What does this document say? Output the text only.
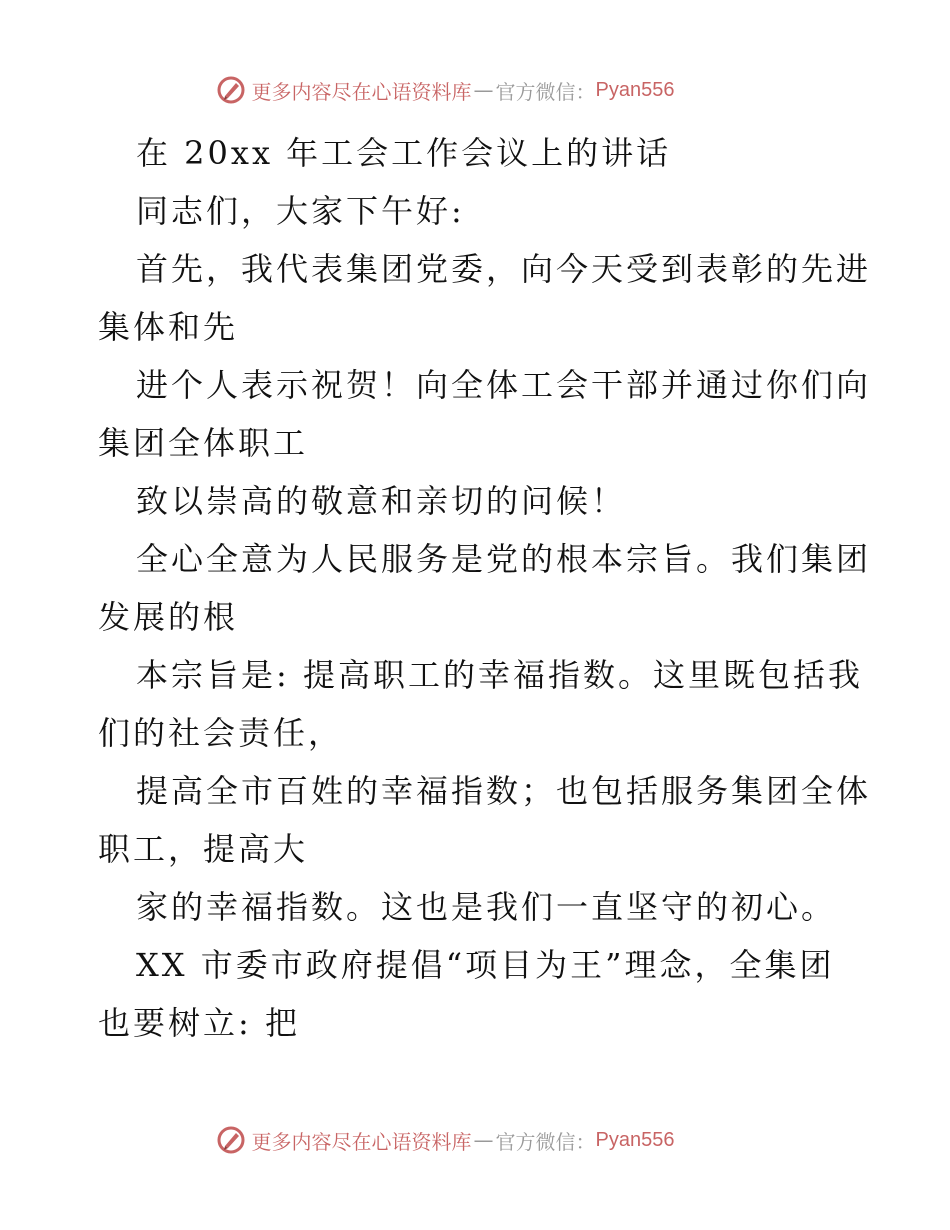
更多内容尽在心语资料库 — 官方微信： Pyan556
在 20xx 年工会工作会议上的讲话
同志们，大家下午好:
首先，我代表集团党委，向今天受到表彰的先进
集体和先
进个人表示祝贺！向全体工会干部并通过你们向
集团全体职工
致以崇高的敬意和亲切的问候！
全心全意为人民服务是党的根本宗旨。我们集团
发展的根
本宗旨是: 提高职工的幸福指数。这里既包括我
们的社会责任，
提高全市百姓的幸福指数；也包括服务集团全体
职工，提高大
家的幸福指数。这也是我们一直坚守的初心。
XX 市委市政府提倡“项目为王”理念，全集团
也要树立: 把
更多内容尽在心语资料库 — 官方微信： Pyan556
